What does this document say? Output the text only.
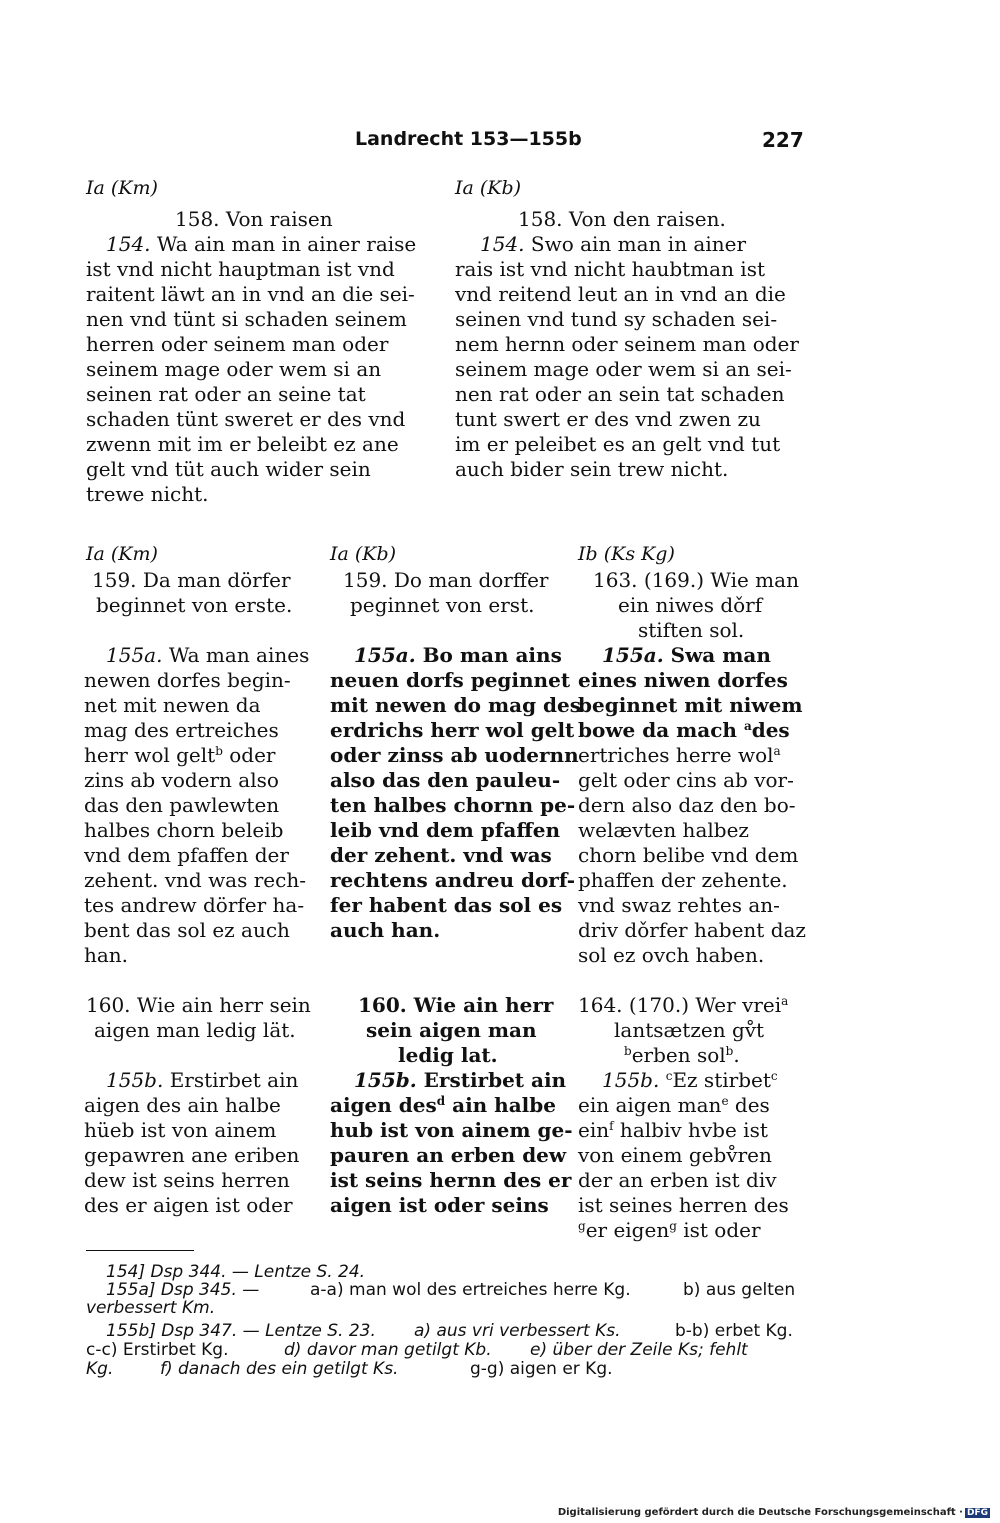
Landrecht 153—155b	227
Ia (Km)
158. Von raisen
154. Wa ain man in ainer raise
ist vnd nicht hauptman ist vnd
raitent läwt an in vnd an die sei-
nen vnd tünt si schaden seinem
herren oder seinem man oder
seinem mage oder wem si an
seinen rat oder an seine tat
schaden tünt sweret er des vnd
zwenn mit im er beleibt ez ane
gelt vnd tüt auch wider sein
trewe nicht.
Ia (Kb)
158. Von den raisen.
154. Swo ain man in ainer
rais ist vnd nicht haubtman ist
vnd reitend leut an in vnd an die
seinen vnd tund sy schaden sei-
nem hernn oder seinem man oder
seinem mage oder wem si an sei-
nen rat oder an sein tat schaden
tunt swert er des vnd zwen zu
im er peleibet es an gelt vnd tut
auch bider sein trew nicht.
Ia (Km)
159. Da man dörfer
beginnet von erste.
155a. Wa man aines
newen dorfes begin-
net mit newen da
mag des ertreiches
herr wol gelt$^b$ oder
zins ab vodern also
das den pawlewten
halbes chorn beleib
vnd dem pfaffen der
zehent. vnd was rech-
tes andrew dörfer ha-
bent das sol ez auch
han.
160. Wie ain herr sein
aigen man ledig lät.
155b. Erstirbet ain
aigen des ain halbe
hüeb ist von ainem
gepawren ane eriben
dew ist seins herren
des er aigen ist oder
Ia (Kb)
159. Do man dorffer
peginnet von erst.
155a. Bo man ains
neuen dorfs peginnet
mit newen do mag des
erdrichs herr wol gelt
oder zinss ab uodernn
also das den pauleu-
ten halbes chornn pe-
leib vnd dem pfaffen
der zehent. vnd was
rechtens andreu dorf-
fer habent das sol es
auch han.
160. Wie ain herr
sein aigen man
ledig lat.
155b. Erstirbet ain
aigen des$^d$ ain halbe
hub ist von ainem ge-
pauren an erben dew
ist seins hernn des er
aigen ist oder seins
Ib (Ks Kg)
163. (169.) Wie man
ein niwes dǒrf
stiften sol.
155a. Swa man
eines niwen dorfes
beginnet mit niwem
bowe da mach $^a$des
ertriches herre wol$^a$
gelt oder cins ab vor-
dern also daz den bo-
welævten halbez
chorn belibe vnd dem
phaffen der zehente.
vnd swaz rehtes an-
driv dǒrfer habent daz
sol ez ovch haben.
164. (170.) Wer vrei$^a$
lantsætzen gv̊t
$^b$erben sol$^b$.
155b. $^c$Ez stirbet$^c$
ein aigen man$^e$ des
ein$^f$ halbiv hvbe ist
von einem gebv̊ren
der an erben ist div
ist seines herren des
$^g$er eigen$^g$ ist oder
154] Dsp 344. — Lentze S. 24.
155a] Dsp 345. —	a-a) man wol des ertreiches herre Kg.	b) aus gelten
verbessert Km.
155b] Dsp 347. — Lentze S. 23. a) aus vri verbessert Ks.	b-b) erbet Kg.
c-c) Erstirbet Kg.	d) davor man getilgt Kb. e) über der Zeile Ks; fehlt
Kg.	f) danach des ein getilgt Ks.	g-g) aigen er Kg.
Digitalisierung gefördert durch die Deutsche Forschungsgemeinschaft · DFG
